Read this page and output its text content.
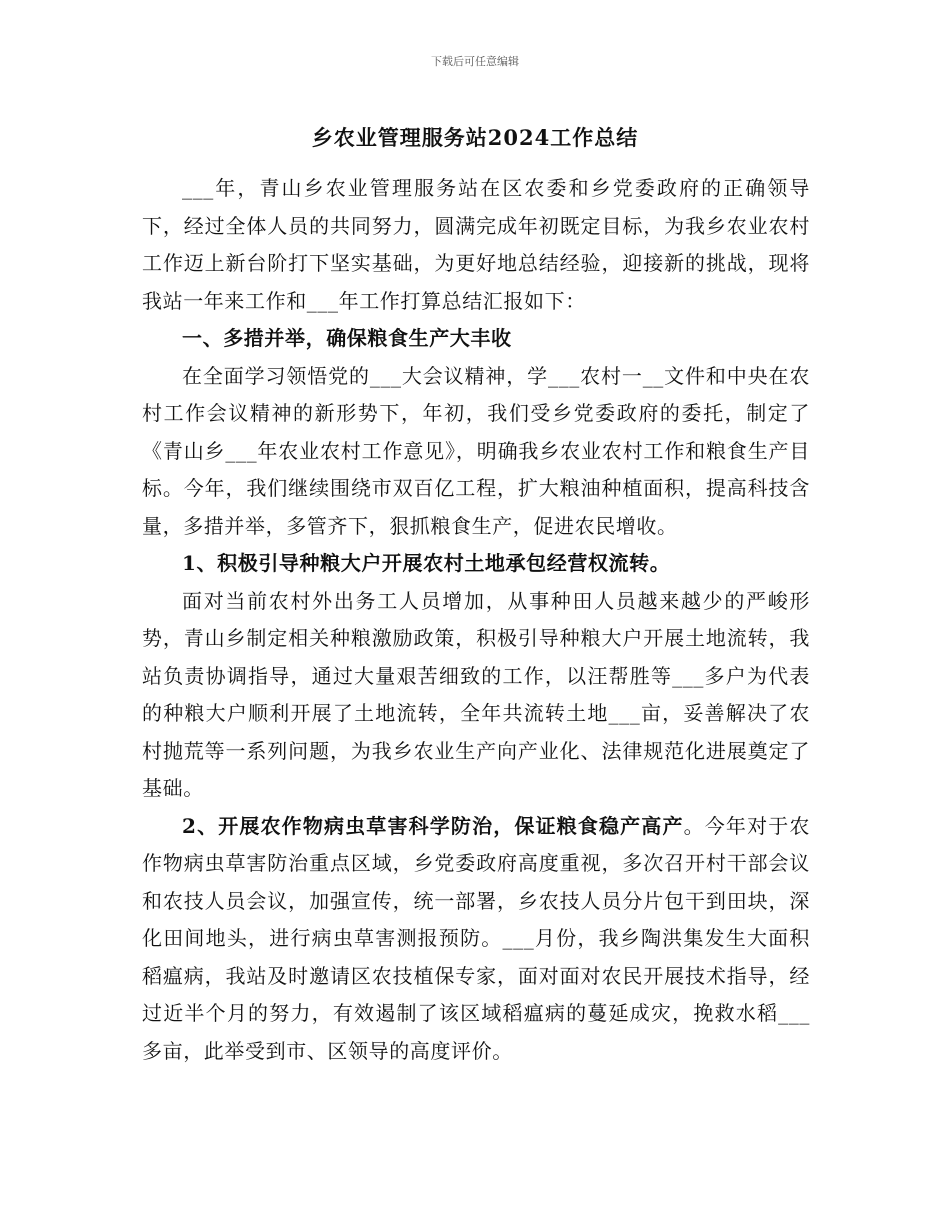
下载后可任意编辑
乡农业管理服务站2024工作总结

___年，青山乡农业管理服务站在区农委和乡党委政府的正确领导下，经过全体人员的共同努力，圆满完成年初既定目标，为我乡农业农村工作迈上新台阶打下坚实基础，为更好地总结经验，迎接新的挑战，现将我站一年来工作和___年工作打算总结汇报如下：

一、多措并举，确保粮食生产大丰收

在全面学习领悟党的___大会议精神，学___农村一__文件和中央在农村工作会议精神的新形势下，年初，我们受乡党委政府的委托，制定了《青山乡___年农业农村工作意见》，明确我乡农业农村工作和粮食生产目标。今年，我们继续围绕市双百亿工程，扩大粮油种植面积，提高科技含量，多措并举，多管齐下，狠抓粮食生产，促进农民增收。

1、积极引导种粮大户开展农村土地承包经营权流转。

面对当前农村外出务工人员增加，从事种田人员越来越少的严峻形势，青山乡制定相关种粮激励政策，积极引导种粮大户开展土地流转，我站负责协调指导，通过大量艰苦细致的工作，以汪帮胜等___多户为代表的种粮大户顺利开展了土地流转，全年共流转土地___亩，妥善解决了农村抛荒等一系列问题，为我乡农业生产向产业化、法律规范化进展奠定了基础。

2、开展农作物病虫草害科学防治，保证粮食稳产高产。今年对于农作物病虫草害防治重点区域，乡党委政府高度重视，多次召开村干部会议和农技人员会议，加强宣传，统一部署，乡农技人员分片包干到田块，深化田间地头，进行病虫草害测报预防。___月份，我乡陶洪集发生大面积稻瘟病，我站及时邀请区农技植保专家，面对面对农民开展技术指导，经过近半个月的努力，有效遏制了该区域稻瘟病的蔓延成灾，挽救水稻___多亩，此举受到市、区领导的高度评价。
